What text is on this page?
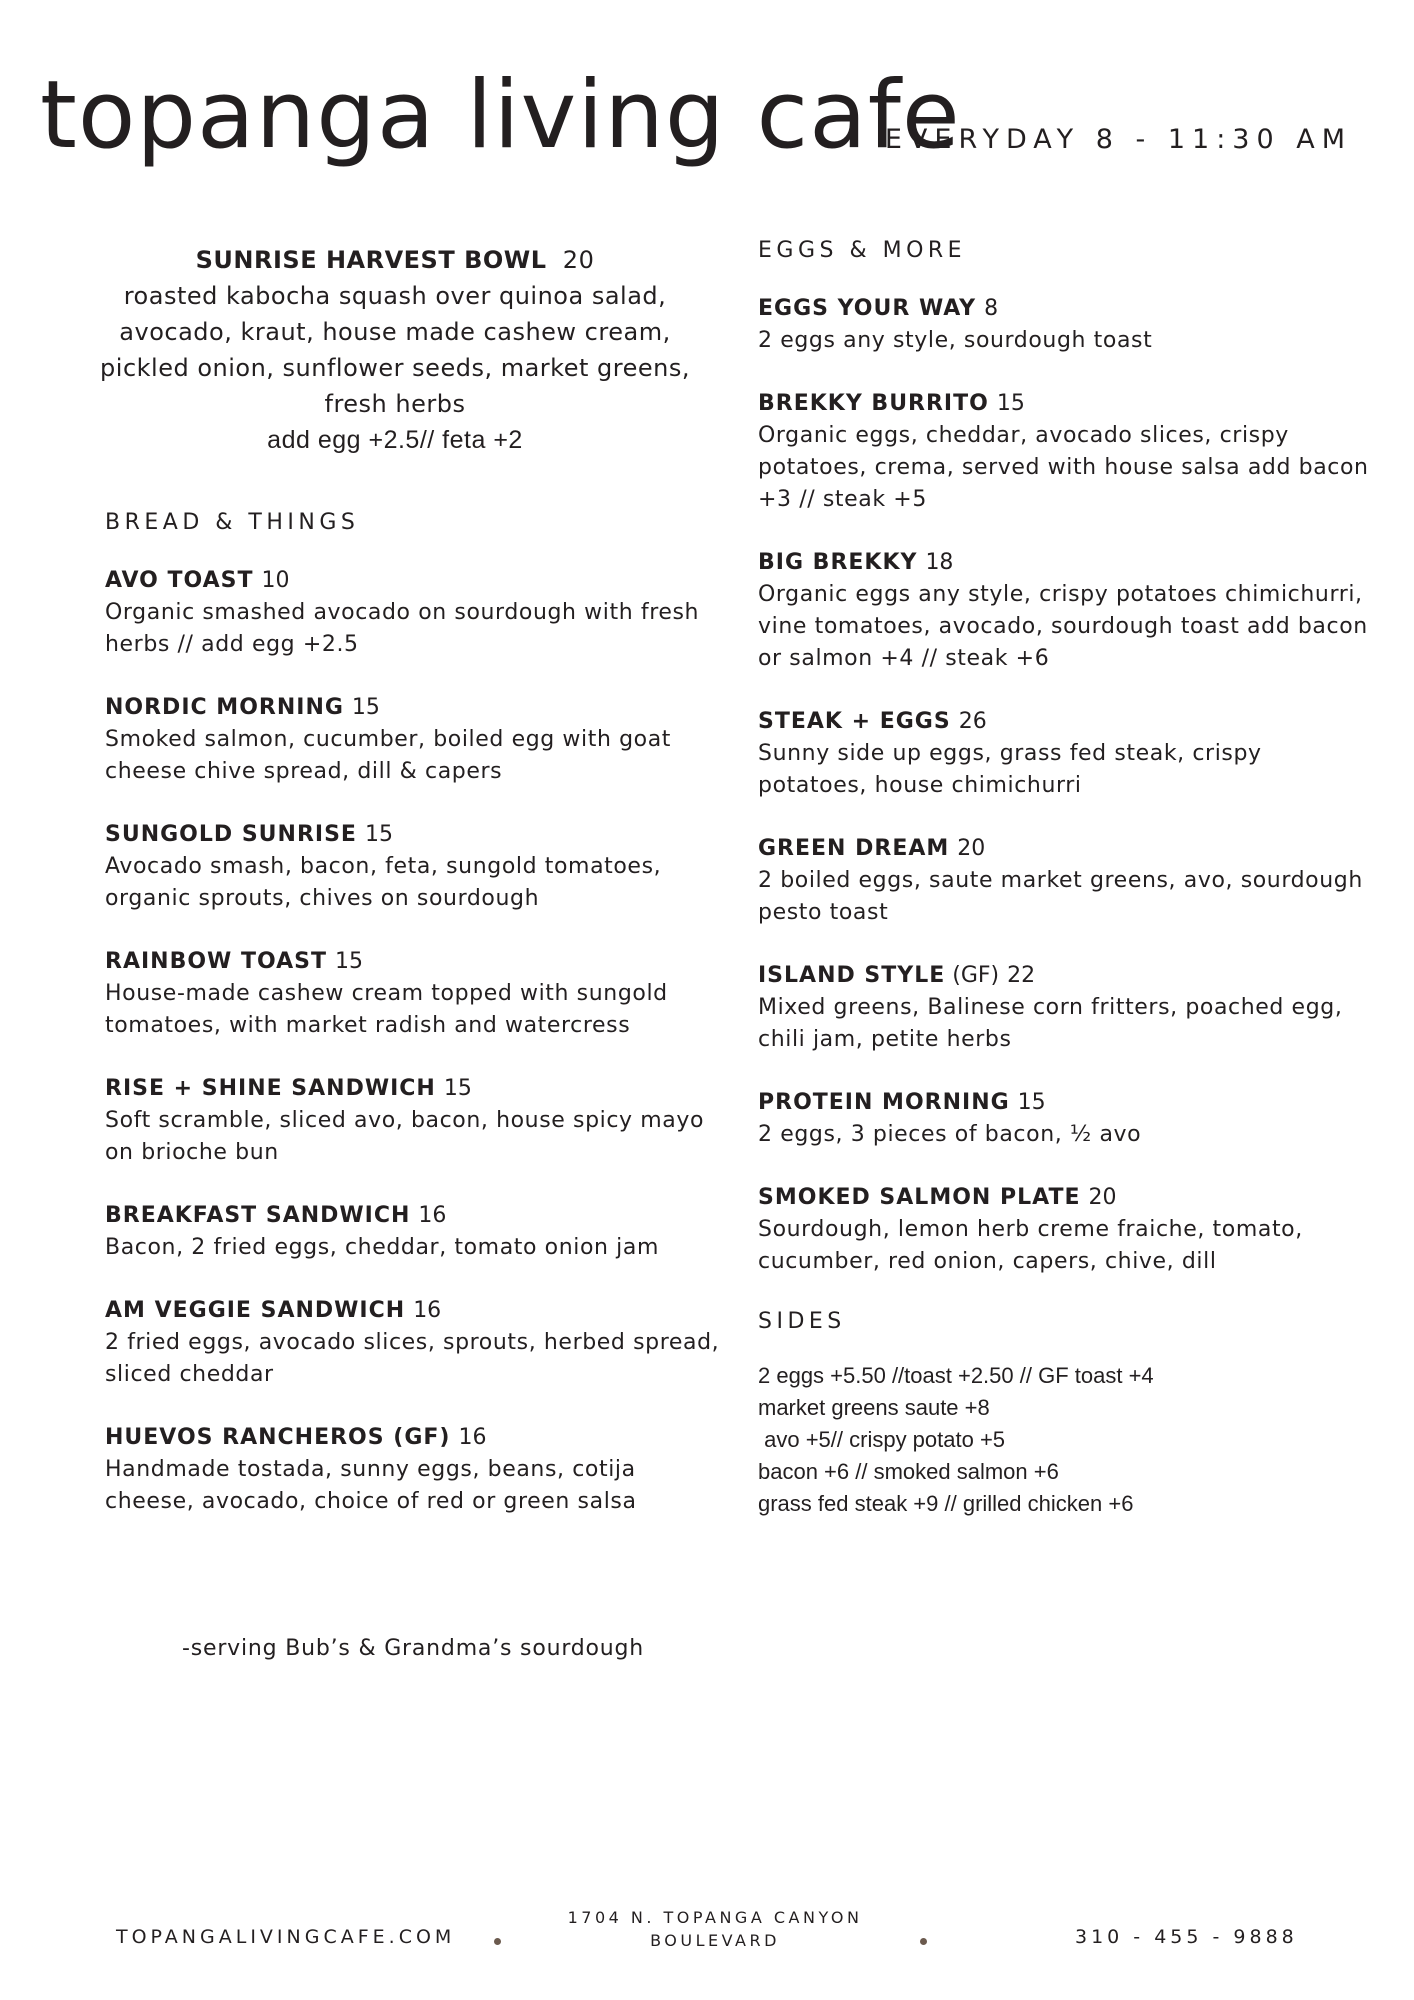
topanga living cafe
EVERYDAY 8 - 11:30 AM
SUNRISE HARVEST BOWL 20
roasted kabocha squash over quinoa salad,
avocado, kraut, house made cashew cream,
pickled onion, sunflower seeds, market greens,
fresh herbs
add egg +2.5// feta +2
BREAD & THINGS
AVO TOAST 10
Organic smashed avocado on sourdough with fresh herbs // add egg +2.5
NORDIC MORNING 15
Smoked salmon, cucumber, boiled egg with goat cheese chive spread, dill & capers
SUNGOLD SUNRISE 15
Avocado smash, bacon, feta, sungold tomatoes, organic sprouts, chives on sourdough
RAINBOW TOAST 15
House-made cashew cream topped with sungold tomatoes, with market radish and watercress
RISE + SHINE SANDWICH 15
Soft scramble, sliced avo, bacon, house spicy mayo on brioche bun
BREAKFAST SANDWICH 16
Bacon, 2 fried eggs, cheddar, tomato onion jam
AM VEGGIE SANDWICH 16
2 fried eggs, avocado slices, sprouts, herbed spread, sliced cheddar
HUEVOS RANCHEROS (GF) 16
Handmade tostada, sunny eggs, beans, cotija cheese, avocado, choice of red or green salsa
EGGS & MORE
EGGS YOUR WAY 8
2 eggs any style, sourdough toast
BREKKY BURRITO 15
Organic eggs, cheddar, avocado slices, crispy potatoes, crema, served with house salsa add bacon +3 // steak +5
BIG BREKKY 18
Organic eggs any style, crispy potatoes chimichurri, vine tomatoes, avocado, sourdough toast add bacon or salmon +4 // steak +6
STEAK + EGGS 26
Sunny side up eggs, grass fed steak, crispy potatoes, house chimichurri
GREEN DREAM 20
2 boiled eggs, saute market greens, avo, sourdough pesto toast
ISLAND STYLE (GF) 22
Mixed greens, Balinese corn fritters, poached egg, chili jam, petite herbs
PROTEIN MORNING 15
2 eggs, 3 pieces of bacon, ½ avo
SMOKED SALMON PLATE 20
Sourdough, lemon herb creme fraiche, tomato, cucumber, red onion, capers, chive, dill
SIDES
2 eggs +5.50 //toast +2.50 // GF toast +4
market greens saute +8
avo +5// crispy potato +5
bacon +6 // smoked salmon +6
grass fed steak +9 // grilled chicken +6
-serving Bub’s & Grandma’s sourdough
TOPANGALIVINGCAFE.COM
1704 N. TOPANGA CANYON
BOULEVARD	310 - 455 - 9888
